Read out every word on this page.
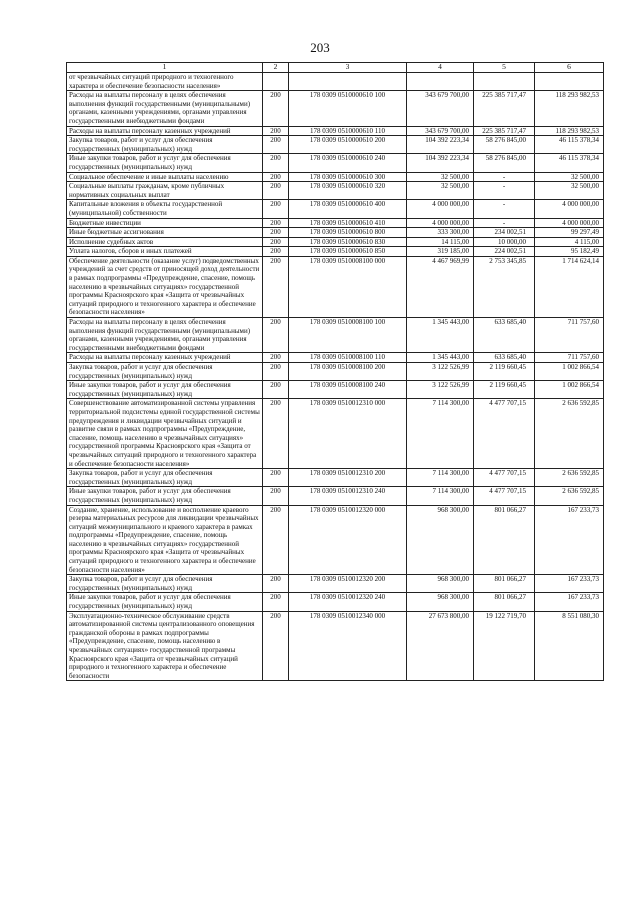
203
1	2	3	4	5	6
от чрезвычайных ситуаций природного и техногенного характера и обеспечение безопасности населения»					
Расходы на выплаты персоналу в целях обеспечения выполнения функций государственными (муниципальными) органами, казенными учреждениями, органами управления государственными внебюджетными фондами	200	178 0309 0510000610 100	343 679 700,00	225 385 717,47	118 293 982,53
Расходы на выплаты персоналу казенных учреждений	200	178 0309 0510000610 110	343 679 700,00	225 385 717,47	118 293 982,53
Закупка товаров, работ и услуг для обеспечения государственных (муниципальных) нужд	200	178 0309 0510000610 200	104 392 223,34	58 276 845,00	46 115 378,34
Иные закупки товаров, работ и услуг для обеспечения государственных (муниципальных) нужд	200	178 0309 0510000610 240	104 392 223,34	58 276 845,00	46 115 378,34
Социальное обеспечение и иные выплаты населению	200	178 0309 0510000610 300	32 500,00	-	32 500,00
Социальные выплаты гражданам, кроме публичных нормативных социальных выплат	200	178 0309 0510000610 320	32 500,00	-	32 500,00
Капитальные вложения в объекты государственной (муниципальной) собственности	200	178 0309 0510000610 400	4 000 000,00	-	4 000 000,00
Бюджетные инвестиции	200	178 0309 0510000610 410	4 000 000,00	-	4 000 000,00
Иные бюджетные ассигнования	200	178 0309 0510000610 800	333 300,00	234 002,51	99 297,49
Исполнение судебных актов	200	178 0309 0510000610 830	14 115,00	10 000,00	4 115,00
Уплата налогов, сборов и иных платежей	200	178 0309 0510000610 850	319 185,00	224 002,51	95 182,49
Обеспечение деятельности (оказание услуг) подведомственных учреждений за счет средств от приносящей доход деятельности в рамках подпрограммы «Предупреждение, спасение, помощь населению в чрезвычайных ситуациях» государственной программы Красноярского края «Защита от чрезвычайных ситуаций природного и техногенного характера и обеспечение безопасности населения»	200	178 0309 0510008100 000	4 467 969,99	2 753 345,85	1 714 624,14
Расходы на выплаты персоналу в целях обеспечения выполнения функций государственными (муниципальными) органами, казенными учреждениями, органами управления государственными внебюджетными фондами	200	178 0309 0510008100 100	1 345 443,00	633 685,40	711 757,60
Расходы на выплаты персоналу казенных учреждений	200	178 0309 0510008100 110	1 345 443,00	633 685,40	711 757,60
Закупка товаров, работ и услуг для обеспечения государственных (муниципальных) нужд	200	178 0309 0510008100 200	3 122 526,99	2 119 660,45	1 002 866,54
Иные закупки товаров, работ и услуг для обеспечения государственных (муниципальных) нужд	200	178 0309 0510008100 240	3 122 526,99	2 119 660,45	1 002 866,54
Совершенствование автоматизированной системы управления территориальной подсистемы единой государственной системы предупреждения и ликвидации чрезвычайных ситуаций и развитие связи в рамках подпрограммы «Предупреждение, спасение, помощь населению в чрезвычайных ситуациях» государственной программы Красноярского края «Защита от чрезвычайных ситуаций природного и техногенного характера и обеспечение безопасности населения»	200	178 0309 0510012310 000	7 114 300,00	4 477 707,15	2 636 592,85
Закупка товаров, работ и услуг для обеспечения государственных (муниципальных) нужд	200	178 0309 0510012310 200	7 114 300,00	4 477 707,15	2 636 592,85
Иные закупки товаров, работ и услуг для обеспечения государственных (муниципальных) нужд	200	178 0309 0510012310 240	7 114 300,00	4 477 707,15	2 636 592,85
Создание, хранение, использование и восполнение краевого резерва материальных ресурсов для ликвидации чрезвычайных ситуаций межмуниципального и краевого характера в рамках подпрограммы «Предупреждение, спасение, помощь населению в чрезвычайных ситуациях» государственной программы Красноярского края «Защита от чрезвычайных ситуаций природного и техногенного характера и обеспечение безопасности населения»	200	178 0309 0510012320 000	968 300,00	801 066,27	167 233,73
Закупка товаров, работ и услуг для обеспечения государственных (муниципальных) нужд	200	178 0309 0510012320 200	968 300,00	801 066,27	167 233,73
Иные закупки товаров, работ и услуг для обеспечения государственных (муниципальных) нужд	200	178 0309 0510012320 240	968 300,00	801 066,27	167 233,73
Эксплуатационно-техническое обслуживание средств автоматизированной системы централизованного оповещения гражданской обороны в рамках подпрограммы «Предупреждение, спасение, помощь населению в чрезвычайных ситуациях» государственной программы Красноярского края «Защита от чрезвычайных ситуаций природного и техногенного характера и обеспечение безопасности	200	178 0309 0510012340 000	27 673 800,00	19 122 719,70	8 551 080,30
